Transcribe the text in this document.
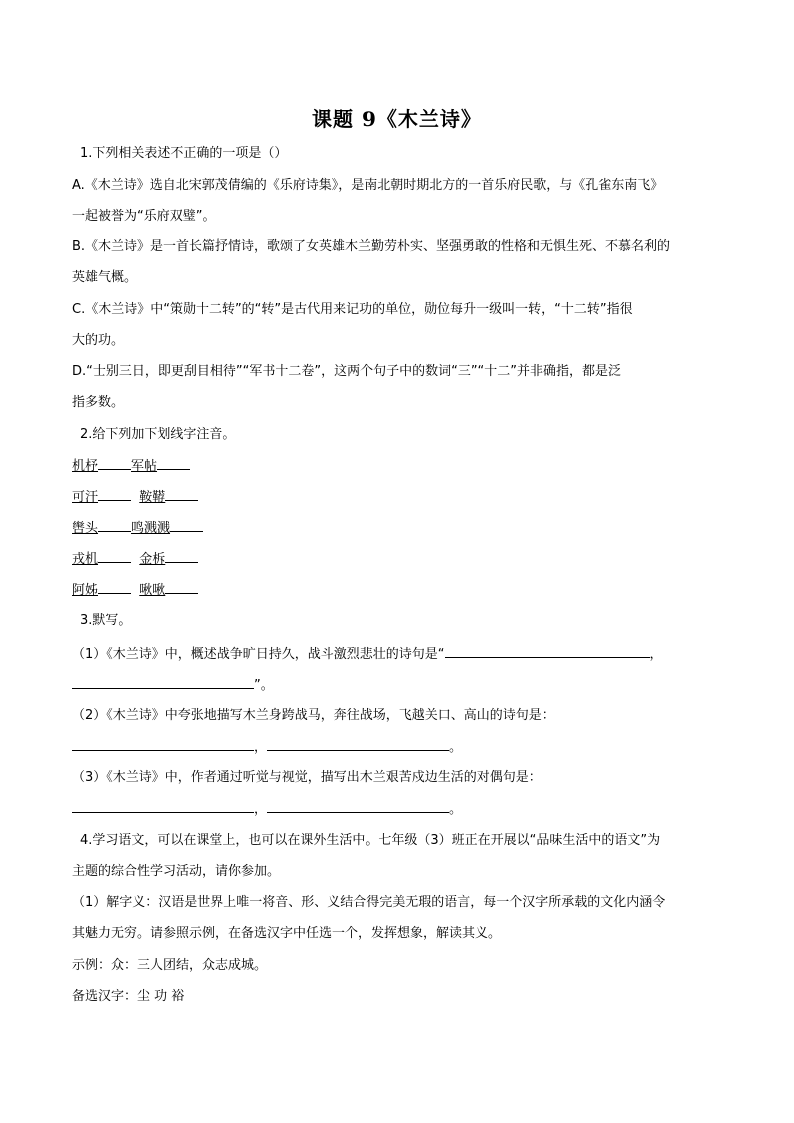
课题 9《木兰诗》
1.下列相关表述不正确的一项是（）
A.《木兰诗》选自北宋郭茂倩编的《乐府诗集》，是南北朝时期北方的一首乐府民歌，与《孔雀东南飞》
一起被誉为“乐府双璧”。
B.《木兰诗》是一首长篇抒情诗，歌颂了女英雄木兰勤劳朴实、坚强勇敢的性格和无惧生死、不慕名利的
英雄气概。
C.《木兰诗》中“策勋十二转”的“转”是古代用来记功的单位，勋位每升一级叫一转，“十二转”指很
大的功。
D.“士别三日，即更刮目相待”“军书十二卷”，这两个句子中的数词“三”“十二”并非确指，都是泛
指多数。
2.给下列加下划线字注音。
机杼	军帖
可汗	鞍鞯
辔头	鸣溅溅
戎机	金柝
阿姊	啾啾
3.默写。
（1）《木兰诗》中，概述战争旷日持久，战斗激烈悲壮的诗句是“	，
”。
（2）《木兰诗》中夸张地描写木兰身跨战马，奔往战场，飞越关口、高山的诗句是：
，	。
（3）《木兰诗》中，作者通过听觉与视觉，描写出木兰艰苦戍边生活的对偶句是：
，	。
4.学习语文，可以在课堂上，也可以在课外生活中。七年级（3）班正在开展以“品味生活中的语文”为
主题的综合性学习活动，请你参加。
（1）解字义：汉语是世界上唯一将音、形、义结合得完美无瑕的语言，每一个汉字所承载的文化内涵令
其魅力无穷。请参照示例，在备选汉字中任选一个，发挥想象，解读其义。
示例：众：三人团结，众志成城。
备选汉字：尘 功 裕
